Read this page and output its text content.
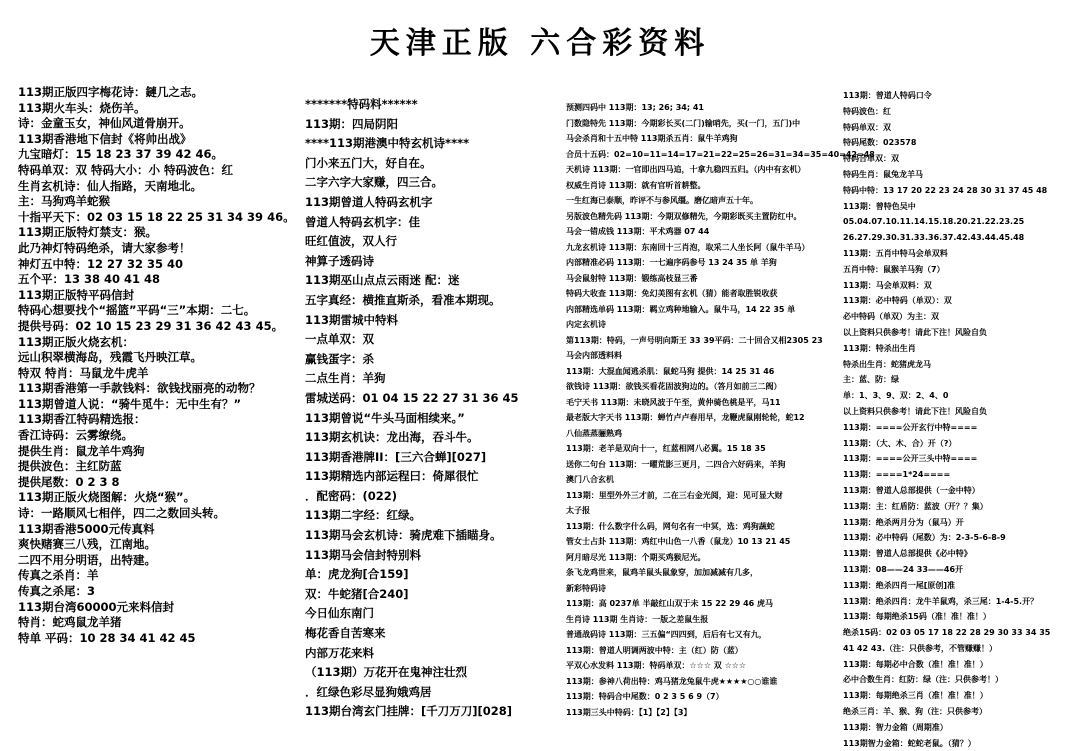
天津正版 六合彩资料
113期正版四字梅花诗：鏈几之志。
113期火车头：烧伤羊。
诗：金童玉女，神仙风道骨崩开。
113期香港地下信封《将帅出战》
九宝暗灯：15 18 23 37 39 42 46。
特码单双：双 特码大小：小 特码波色：红
生肖玄机诗：仙人指路，天南地北。
主：马狗鸡羊蛇猴
十指平天下：02 03 15 18 22 25 31 34 39 46。
113期正版特灯禁支：猴。
此乃神灯特码绝杀，请大家参考！
神灯五中特：12 27 32 35 40
五个平：13 38 40 41 48
113期正版特平码信封
特码心想要找个“摇篮”平码“三”本期：二七。
提供号码：02 10 15 23 29 31 36 42 43 45。
113期正版火烧玄机：
远山积翠横海岛，残霞飞丹映江草。
特双 特肖：马鼠龙牛虎羊
113期香港第一手款钱料：欲钱找丽亮的动物？
113期曾道人说：“骑牛觅牛：无中生有？”
113期香江特码精选报：
香江诗码：云雾缭绕。
提供生肖：鼠龙羊牛鸡狗
提供波色：主红防蓝
提供尾数：0 2 3 8
113期正版火烧图解：火烧“猴”。
诗：一路顺风七相伴，四二之数回头转。
113期香港5000元传真料
爽快赌赛三八残，江南地。
二四不用分明语，出特建。
传真之杀肖：羊
传真之杀尾：3
113期台湾60000元来料信封
特肖：蛇鸡鼠龙羊猪
特单 平码：10 28 34 41 42 45
*******特码料******
113期：四局阴阳
****113期港澳中特玄机诗****
门小来五门大，好自在。
二字六字大家赚，四三合。
113期曾道人特码玄机字
曾道人特码玄机字：佳
旺红值波，双人行
神算子透码诗
113期巫山点点云雨迷 配：迷
五字真经：横推直斯杀，看准本期现。
113期雷城中特料
一点单双：双
赢钱蛋字：杀
二点生肖：羊狗
雷城送码：01 04 15 22 27 31 36 45
113期曾说“牛头马面相续来。”
113期玄机诀：龙出海，吞斗牛。
113期香港牌II：[三六合蝉][027]
113期精选内部运程曰：倚犀很忙
．配密码：(022)
113期二字经：红绿。
113期马会玄机诗：骑虎难下插瞄身。
113期马会信封特别料
单：虎龙狗[合159]
双：牛蛇猪[合240]
今日仙东南门
梅花香自苦寒来
内部万花来料
（113期）万花开在鬼神注壮烈
．红绿色彩尽显狗娥鸡居
113期台湾玄门挂牌：[千刀万刀][028]
预测四码中 113期：13; 26; 34; 41
门数隐特先 113期：今期彩长买(二门)输哨先，买(一门，五门)中
马会杀肖和十五中特 113期杀五肖：鼠牛羊鸡狗
合员十五码：02=10=11=14=17=21=22=25=26=31=34=35=40=42=48
天机诗 113期：一官即出四马追，十拿九稳四五归。（内中有玄机）
权威生肖诗 113期：就有官听首耕整。
一生红海已泰顺，昨评不与参风缰。磨亿暗声五十年。
另版波色精先码 113期：今期双修精先，今期彩既买主置防红中。
马会一错成钱 113期：平术鸡器 07 44
九龙玄机诗 113期：东南回十三肖泡，取采二人坐长阿（鼠牛羊马）
内部精准必码 113期：一七遍序码参号 13 24 35 单 羊狗
马会鼠射特 113期：锻练高枝显三番
特码大收查 113期：免幻美图有玄机（猜）能者取胜锐收获
内部精选单码 113期：羁立鸡种地输入。鼠牛马，14 22 35 单
内定玄机诗
第113期：特码，一声号明向斯王 33 39平码：二十回合又相2305 23
马会内部透料料
113期：大混血闻逃杀肌：鼠蛇马狗 提供：14 25 31 46
欲钱诗 113期：欲钱买看花固波狗边的。（答月如前三二阀）
毛宁天书 113期：未晓风波于午至，黄仲骑色桃是平，马11
最老版大字天书 113期：蝉竹卢卢春用早，龙鞭虎鼠刚轮轮，蛇12
八仙蒸蒸骊熟鸡
113期：老羊是双向十一，红蓝相网八必翼。15 18 35
送你二句台 113期：一曜荒影三更月，二四合六好码来，羊狗
澳门八合玄机
113期：里型外外三才前，二在三右金光阅，迎：见可显大财
太子报
113期：什么数字什么码，网句名有一中冥，选：鸡狗蔬蛇
管女士占卦 113期：鸡红中山色一八香（鼠龙）10 13 21 45
阿月暗尽光 113期：个期买鸡猴尼光。
条飞龙鸡世来，鼠鸡羊鼠头鼠象穿，加加减减有几多，
新彩特码诗
113期：高 0237单 半敲红山双于未 15 22 29 46 虎马
生肖诗 113期 生肖诗：一版之差鼠生报
普通战码诗 113期：三五偏“四四到，后后有七又有九，
113期：曾道人明调两波中特：主（红）防（蓝）
平双心水发料 113期：特码单双：☆☆☆ 双 ☆☆☆
113期：参神八荷出特：鸡马猪龙兔鼠牛虎★★★★○○谁谁
113期：特码合中尾数：0 2 3 5 6 9（7）
113期三头中特码：【1】【2】【3】
113期：曾道人特码口令
特码波色：红
特码单双：双
特码尾数：023578
特码合单双：双
特码生肖：鼠兔龙羊马
特码中特：13 17 20 22 23 24 28 30 31 37 45 48
113期：曾特色吴中
05.04.07.10.11.14.15.18.20.21.22.23.25
26.27.29.30.31.33.36.37.42.43.44.45.48
113期：五肖中特马会单双料
五肖中特：鼠猴羊马狗（7）
113期：马会单双料：双
113期：必中特码（单双）：双
必中特码（单双）为主：双
以上资料只供参考！请此下注！风险自负
113期：特杀出生肖
特杀出生肖：蛇猪虎龙马
主：蓝、防：绿
单：1、3、9、双：2、4、0
以上资料只供参考！请此下注！风险自负
113期：====公开玄行中特====
113期：（大、木、合）开（?）
113期：====公开三头中特====
113期：====1*24====
113期：曾道人总部提供（一金中特）
113期：主：红盾防：蓝波（开？？集）
113期：绝杀两月分为（鼠马）开
113期：必中特码（尾数）为：2-3-5-6-8-9
113期：曾道人总部提供《必中特》
113期：08——24 33——46开
113期：绝杀四肖一尾[原创]准
113期：绝杀四肖：龙牛羊鼠鸡，杀三尾：1-4-5.开？
113期：每期绝杀15码（准！准！准！）
绝杀15码：02 03 05 17 18 22 28 29 30 33 34 35
41 42 43.（注：只供参考，不管赚赚！）
113期：每期必中合数（准！准！准！）
必中合数生肖：红防：绿（注：只供参考！）
113期：每期绝杀三肖（准！准！准！）
绝杀三肖：羊、猴、狗（注：只供参考）
113期：智力金箱（周期准）
113期智力金箱：蛇蛇老鼠。（猜？）
